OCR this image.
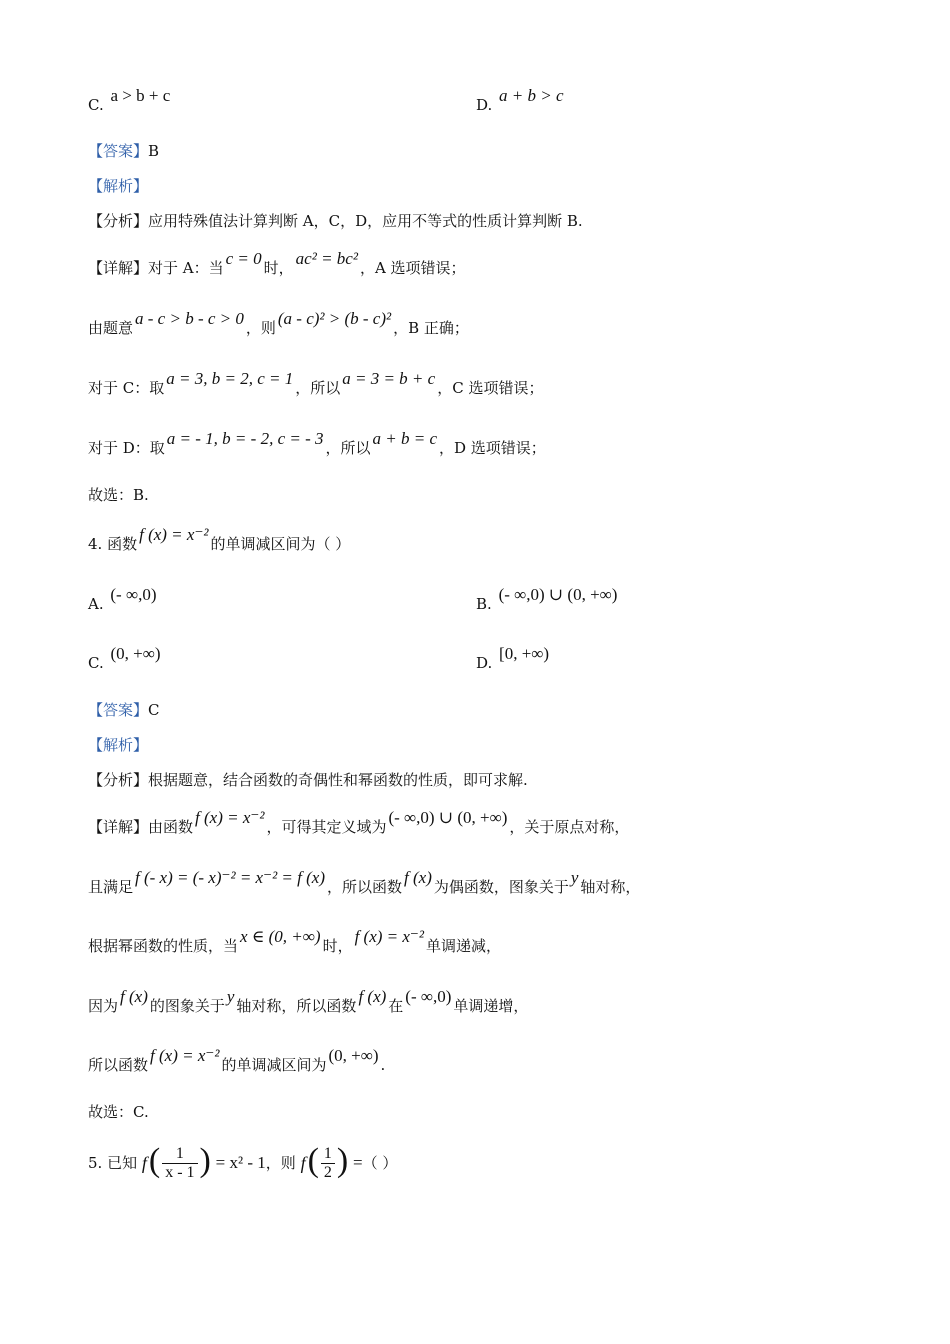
C. a > b + c	D. a + b > c
【答案】B
【解析】
【分析】应用特殊值法计算判断 A，C，D，应用不等式的性质计算判断 B.
【详解】对于 A：当 c = 0 时， ac² = bc² ，A 选项错误；
由题意 a - c > b - c > 0 ，则 (a - c)² > (b - c)² ，B 正确；
对于 C：取 a = 3, b = 2, c = 1 ，所以 a = 3 = b + c ，C 选项错误；
对于 D：取 a = - 1, b = - 2, c = - 3 ，所以 a + b = c ，D 选项错误；
故选：B.
4. 函数 f (x) = x⁻² 的单调减区间为（ ）
A. (- ∞,0)	B. (- ∞,0) ∪ (0, +∞)
C. (0, +∞)	D. [0, +∞)
【答案】C
【解析】
【分析】根据题意，结合函数的奇偶性和幂函数的性质，即可求解.
【详解】由函数 f (x) = x⁻² ，可得其定义域为 (- ∞,0) ∪ (0, +∞) ，关于原点对称，
且满足 f (- x) = (- x)⁻² = x⁻² = f (x) ，所以函数 f (x) 为偶函数，图象关于 y 轴对称，
根据幂函数的性质，当 x ∈ (0, +∞) 时， f (x) = x⁻² 单调递减，
因为 f (x) 的图象关于 y 轴对称，所以函数 f (x) 在 (- ∞,0) 单调递增，
所以函数 f (x) = x⁻² 的单调减区间为 (0, +∞) .
故选：C.
5. 已知 $f( \frac{1}{x - 1}$ ) = x² - 1，则 $f( \frac{1}{2}$ ) =（ ）
